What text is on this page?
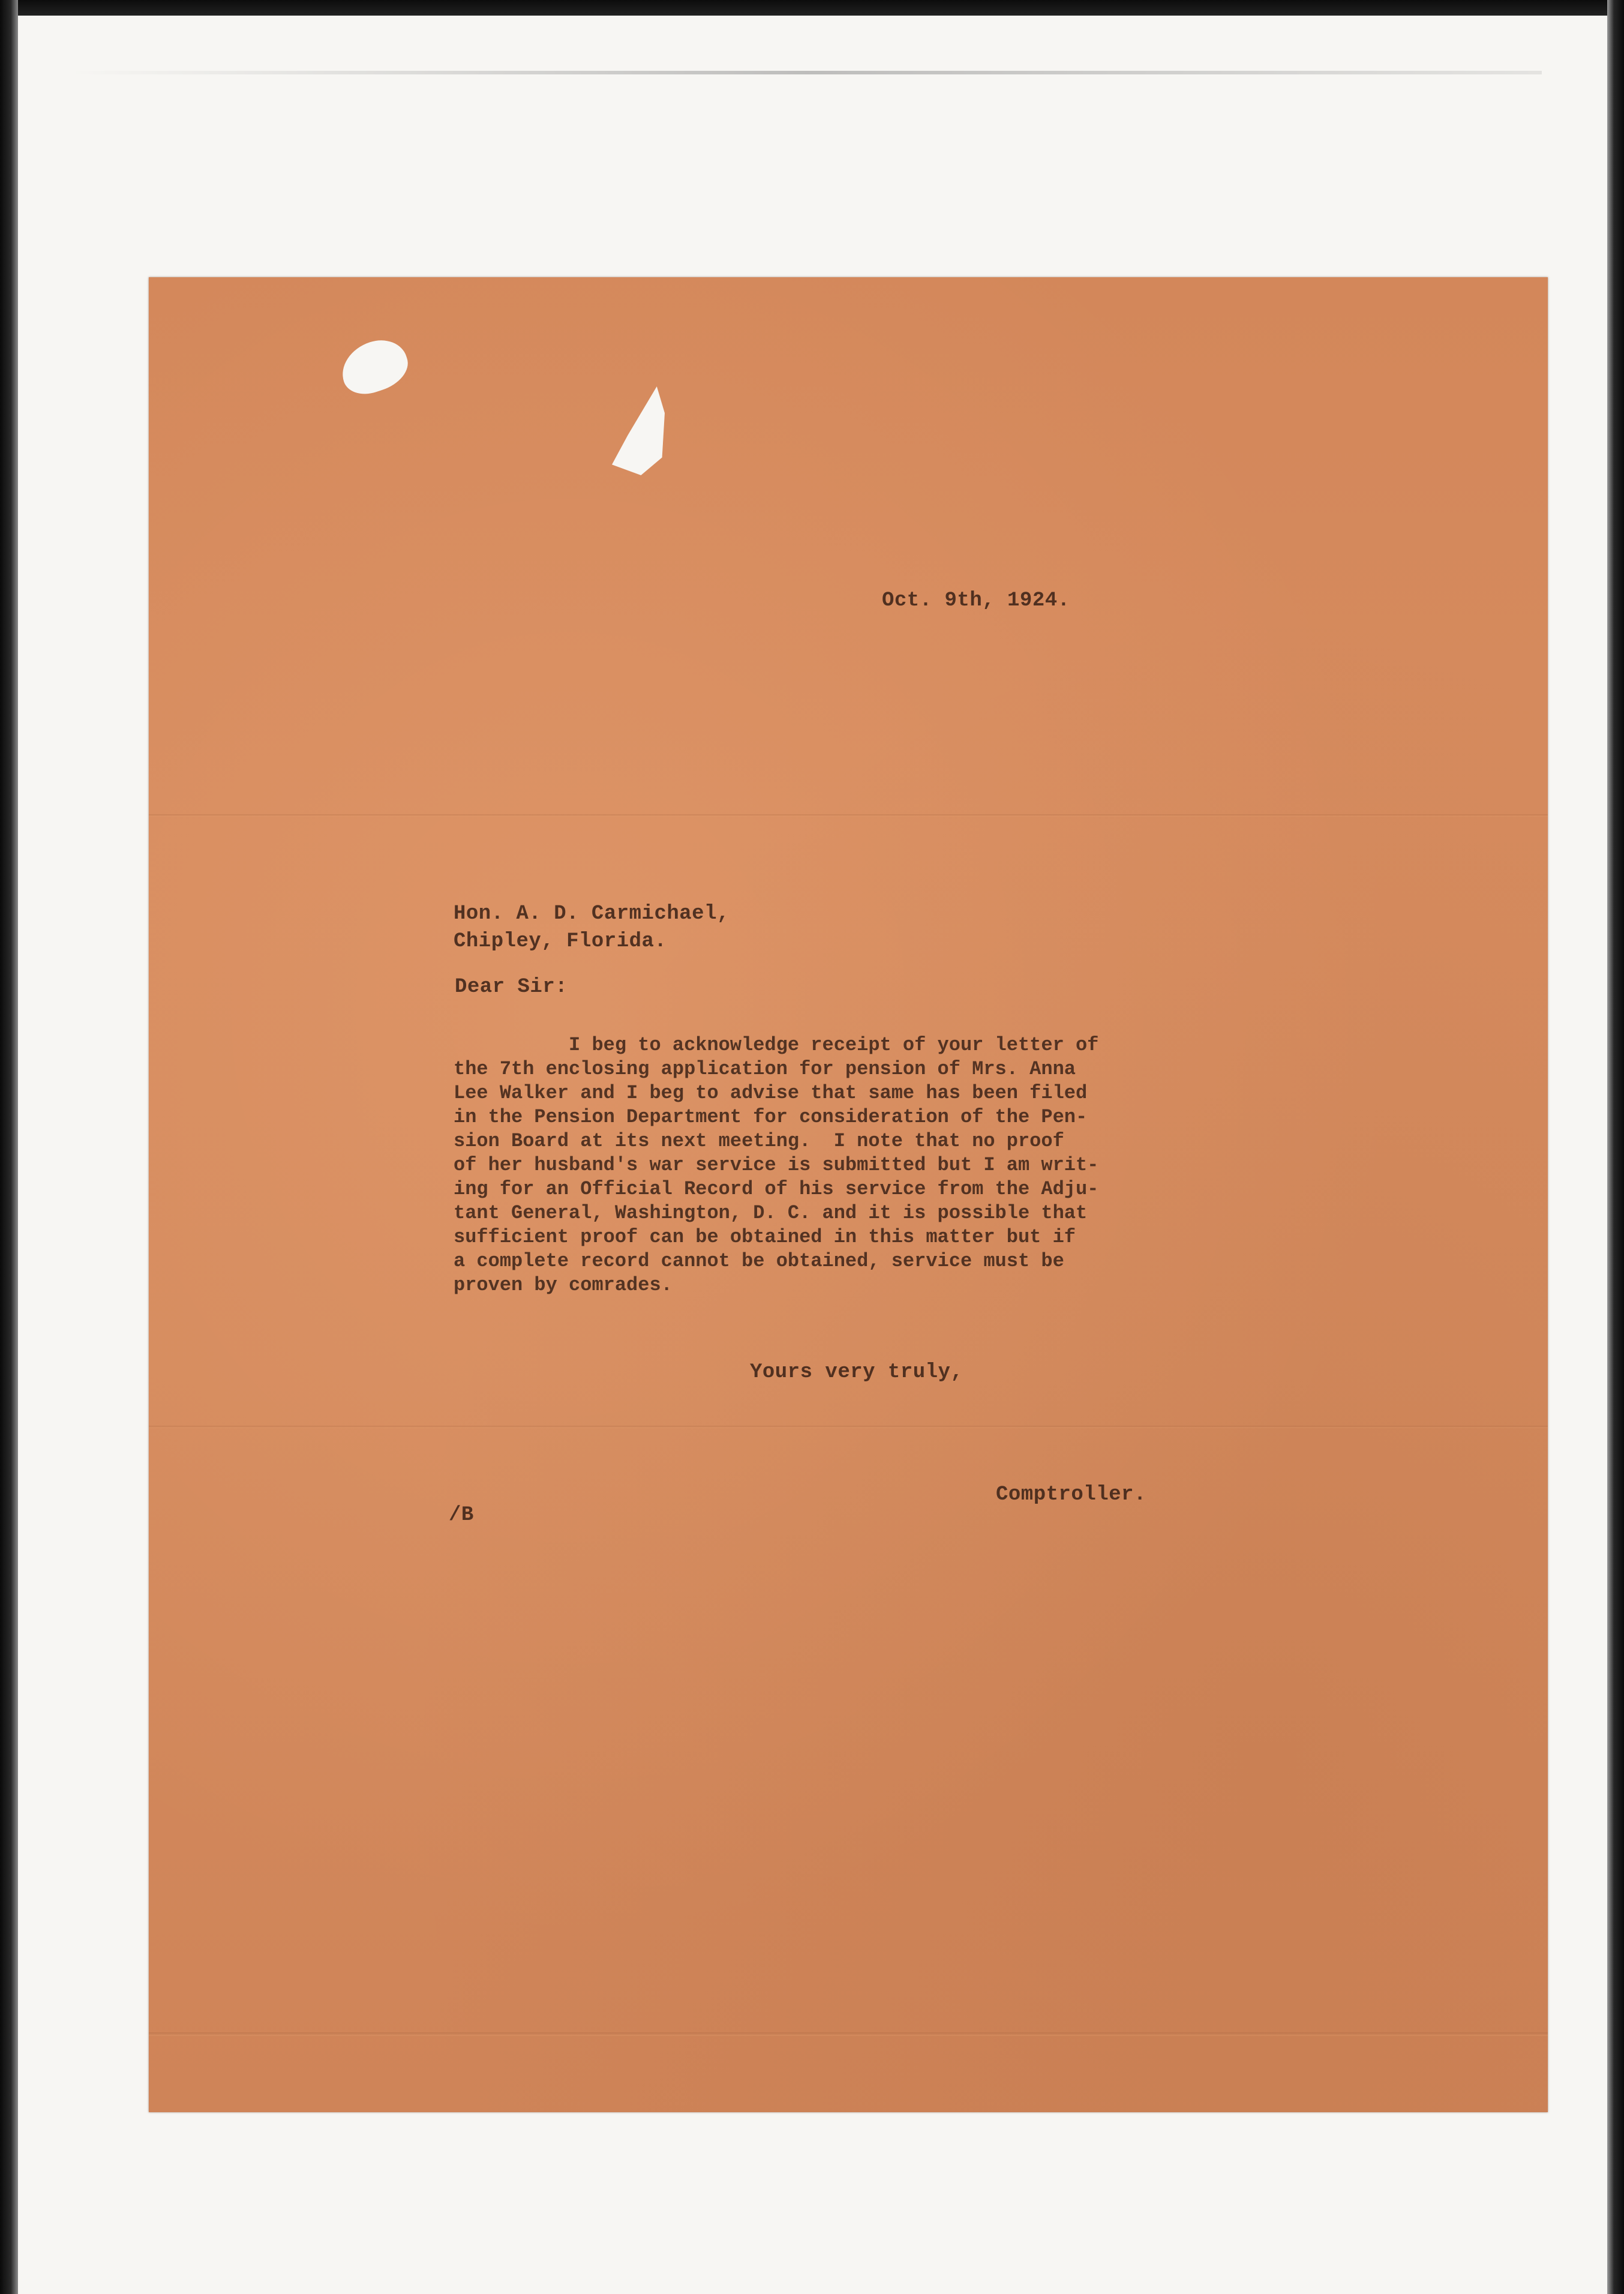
Oct. 9th, 1924.
Hon. A. D. Carmichael,
Chipley, Florida.
Dear Sir:
I beg to acknowledge receipt of your letter of
the 7th enclosing application for pension of Mrs. Anna
Lee Walker and I beg to advise that same has been filed
in the Pension Department for consideration of the Pen-
sion Board at its next meeting.  I note that no proof
of her husband's war service is submitted but I am writ-
ing for an Official Record of his service from the Adju-
tant General, Washington, D. C. and it is possible that
sufficient proof can be obtained in this matter but if
a complete record cannot be obtained, service must be
proven by comrades.
Yours very truly,
Comptroller.
/B
